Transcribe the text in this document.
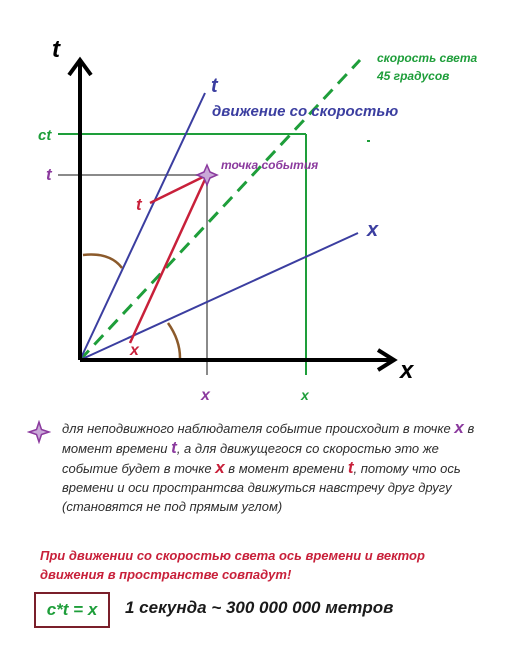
t
x
t
x
скорость света
45 градусов
движение со скоростью
точка события
ct
t
x	x
t
x
для неподвижного наблюдателя событие происходит в точке x в момент времени t, а для движущегося со скоростью это же событие будет в точке x в момент времени t, потому что ось времени и оси пространтсва движуться навстречу друг другу (становятся не под прямым углом)
При движении со скоростью света ось времени и вектор движения в пространстве совпадут!
c*t = x	1 секунда ~ 300 000 000 метров
